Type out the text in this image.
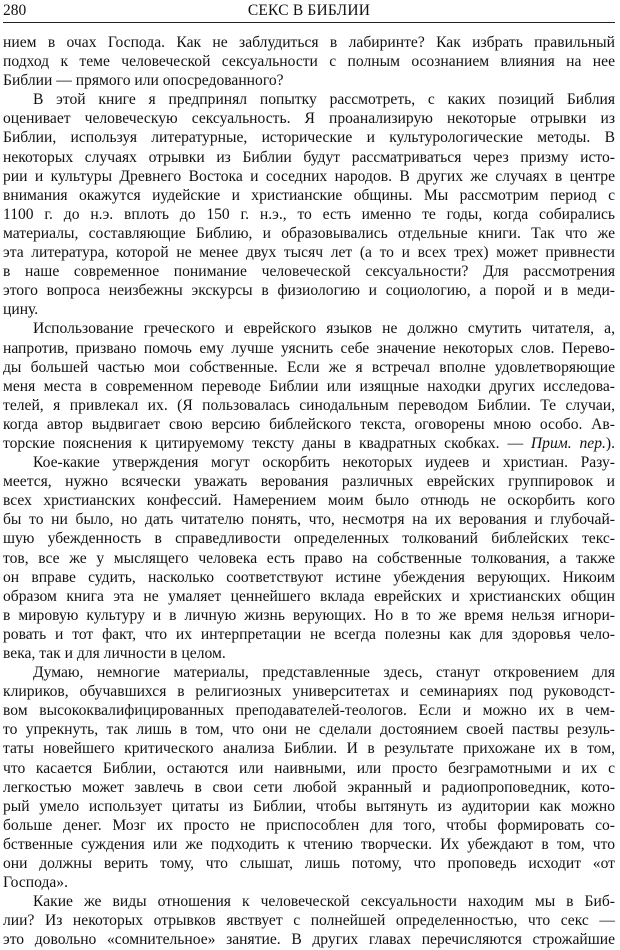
280	СЕКС В БИБЛИИ

нием в очах Господа. Как не заблудиться в лабиринте? Как избрать правильный
подход к теме человеческой сексуальности с полным осознанием влияния на нее
Библии — прямого или опосредованного?

В этой книге я предпринял попытку рассмотреть, с каких позиций Библия
оценивает человеческую сексуальность. Я проанализирую некоторые отрывки из
Библии, используя литературные, исторические и культурологические методы. В
некоторых случаях отрывки из Библии будут рассматриваться через призму исто-
рии и культуры Древнего Востока и соседних народов. В других же случаях в центре
внимания окажутся иудейские и христианские общины. Мы рассмотрим период с
1100 г. до н.э. вплоть до 150 г. н.э., то есть именно те годы, когда собирались
материалы, составляющие Библию, и образовывались отдельные книги. Так что же
эта литература, которой не менее двух тысяч лет (а то и всех трех) может привнести
в наше современное понимание человеческой сексуальности? Для рассмотрения
этого вопроса неизбежны экскурсы в физиологию и социологию, а порой и в меди-
цину.

Использование греческого и еврейского языков не должно смутить читателя, а,
напротив, призвано помочь ему лучше уяснить себе значение некоторых слов. Перево-
ды большей частью мои собственные. Если же я встречал вполне удовлетворяющие
меня места в современном переводе Библии или изящные находки других исследова-
телей, я привлекал их. (Я пользовалась синодальным переводом Библии. Те случаи,
когда автор выдвигает свою версию библейского текста, оговорены мною особо. Ав-
торские пояснения к цитируемому тексту даны в квадратных скобках. — Прим. пер.).

Кое-какие утверждения могут оскорбить некоторых иудеев и христиан. Разу-
меется, нужно всячески уважать верования различных еврейских группировок и
всех христианских конфессий. Намерением моим было отнюдь не оскорбить кого
бы то ни было, но дать читателю понять, что, несмотря на их верования и глубочай-
шую убежденность в справедливости определенных толкований библейских текс-
тов, все же у мыслящего человека есть право на собственные толкования, а также
он вправе судить, насколько соответствуют истине убеждения верующих. Никоим
образом книга эта не умаляет ценнейшего вклада еврейских и христианских общин
в мировую культуру и в личную жизнь верующих. Но в то же время нельзя игнори-
ровать и тот факт, что их интерпретации не всегда полезны как для здоровья чело-
века, так и для личности в целом.

Думаю, немногие материалы, представленные здесь, станут откровением для
клириков, обучавшихся в религиозных университетах и семинариях под руководст-
вом высококвалифицированных преподавателей-теологов. Если и можно их в чем-
то упрекнуть, так лишь в том, что они не сделали достоянием своей паствы резуль-
таты новейшего критического анализа Библии. И в результате прихожане их в том,
что касается Библии, остаются или наивными, или просто безграмотными и их с
легкостью может завлечь в свои сети любой экранный и радиопроповедник, кото-
рый умело использует цитаты из Библии, чтобы вытянуть из аудитории как можно
больше денег. Мозг их просто не приспособлен для того, чтобы формировать со-
бственные суждения или же подходить к чтению творчески. Их убеждают в том, что
они должны верить тому, что слышат, лишь потому, что проповедь исходит «от
Господа».

Какие же виды отношения к человеческой сексуальности находим мы в Биб-
лии? Из некоторых отрывков явствует с полнейшей определенностью, что секс —
это довольно «сомнительное» занятие. В других главах перечисляются строжайшие
